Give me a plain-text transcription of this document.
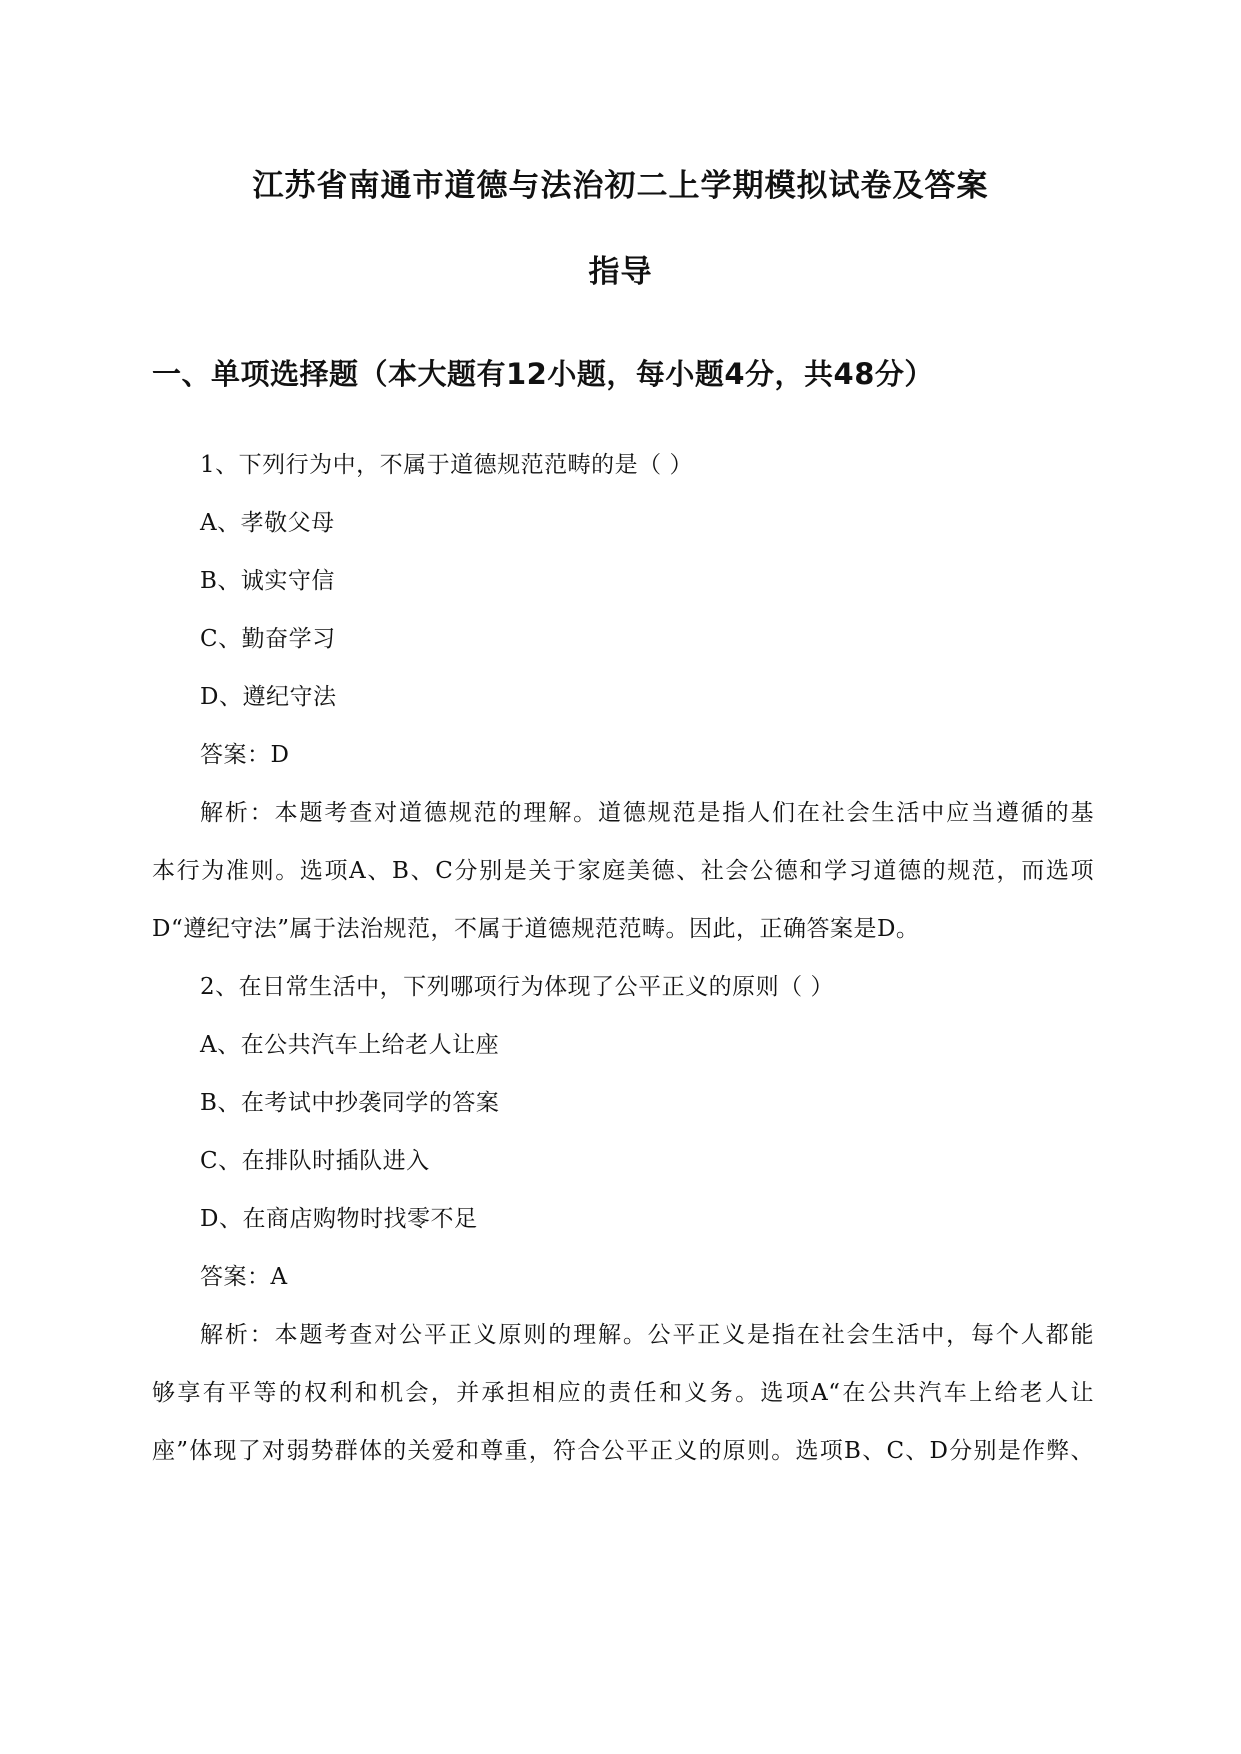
江苏省南通市道德与法治初二上学期模拟试卷及答案
指导
一、单项选择题（本大题有12小题，每小题4分，共48分）
1、下列行为中，不属于道德规范范畴的是（ ）
A、孝敬父母
B、诚实守信
C、勤奋学习
D、遵纪守法
答案：D
解析：本题考查对道德规范的理解。道德规范是指人们在社会生活中应当遵循的基
本行为准则。选项A、B、C分别是关于家庭美德、社会公德和学习道德的规范，而选项
D“遵纪守法”属于法治规范，不属于道德规范范畴。因此，正确答案是D。
2、在日常生活中，下列哪项行为体现了公平正义的原则（ ）
A、在公共汽车上给老人让座
B、在考试中抄袭同学的答案
C、在排队时插队进入
D、在商店购物时找零不足
答案：A
解析：本题考查对公平正义原则的理解。公平正义是指在社会生活中，每个人都能
够享有平等的权利和机会，并承担相应的责任和义务。选项A“在公共汽车上给老人让
座”体现了对弱势群体的关爱和尊重，符合公平正义的原则。选项B、C、D分别是作弊、
